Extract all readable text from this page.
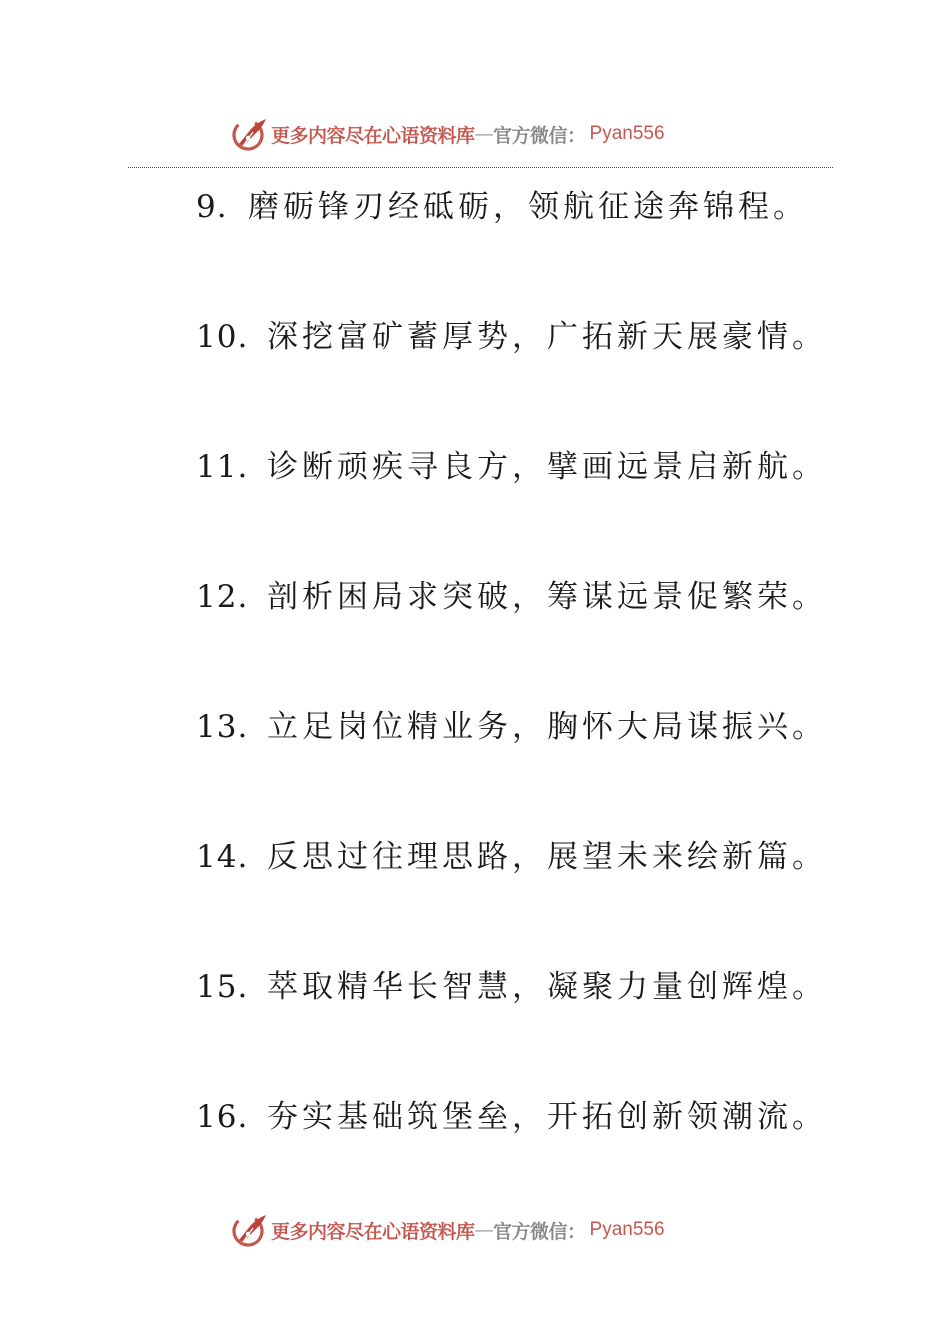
更多内容尽在心语资料库 — 官方微信： Pyan556
9. 磨砺锋刃经砥砺，领航征途奔锦程。
10. 深挖富矿蓄厚势，广拓新天展豪情。
11. 诊断顽疾寻良方，擘画远景启新航。
12. 剖析困局求突破，筹谋远景促繁荣。
13. 立足岗位精业务，胸怀大局谋振兴。
14. 反思过往理思路，展望未来绘新篇。
15. 萃取精华长智慧，凝聚力量创辉煌。
16. 夯实基础筑堡垒，开拓创新领潮流。
更多内容尽在心语资料库 — 官方微信： Pyan556
